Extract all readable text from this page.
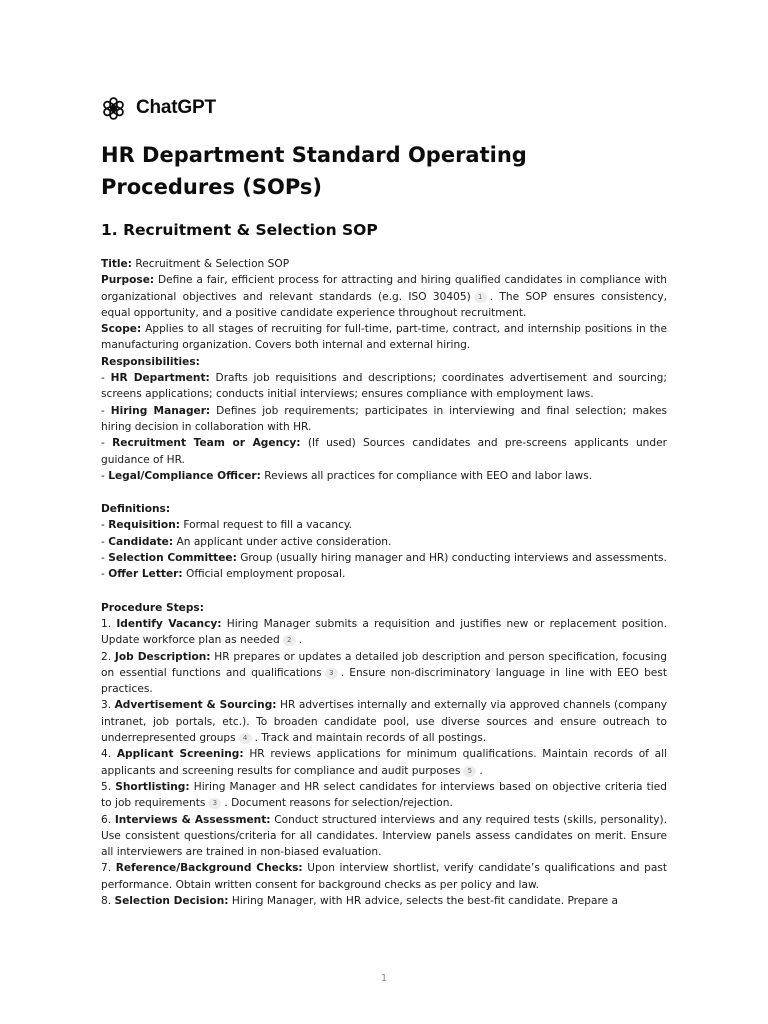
ChatGPT
HR Department Standard Operating Procedures (SOPs)
1. Recruitment & Selection SOP

Title: Recruitment & Selection SOP

Purpose: Define a fair, efficient process for attracting and hiring qualified candidates in compliance with organizational objectives and relevant standards (e.g. ISO 30405) 1 . The SOP ensures consistency, equal opportunity, and a positive candidate experience throughout recruitment.

Scope: Applies to all stages of recruiting for full-time, part-time, contract, and internship positions in the manufacturing organization. Covers both internal and external hiring.

Responsibilities:

- HR Department: Drafts job requisitions and descriptions; coordinates advertisement and sourcing; screens applications; conducts initial interviews; ensures compliance with employment laws.

- Hiring Manager: Defines job requirements; participates in interviewing and final selection; makes hiring decision in collaboration with HR.

- Recruitment Team or Agency: (If used) Sources candidates and pre-screens applicants under guidance of HR.

- Legal/Compliance Officer: Reviews all practices for compliance with EEO and labor laws.

Definitions:

- Requisition: Formal request to fill a vacancy.

- Candidate: An applicant under active consideration.

- Selection Committee: Group (usually hiring manager and HR) conducting interviews and assessments.

- Offer Letter: Official employment proposal.

Procedure Steps:

1. Identify Vacancy: Hiring Manager submits a requisition and justifies new or replacement position. Update workforce plan as needed 2 .

2. Job Description: HR prepares or updates a detailed job description and person specification, focusing on essential functions and qualifications 3 . Ensure non-discriminatory language in line with EEO best practices.

3. Advertisement & Sourcing: HR advertises internally and externally via approved channels (company intranet, job portals, etc.). To broaden candidate pool, use diverse sources and ensure outreach to underrepresented groups 4 . Track and maintain records of all postings.

4. Applicant Screening: HR reviews applications for minimum qualifications. Maintain records of all applicants and screening results for compliance and audit purposes 5 .

5. Shortlisting: Hiring Manager and HR select candidates for interviews based on objective criteria tied to job requirements 3 . Document reasons for selection/rejection.

6. Interviews & Assessment: Conduct structured interviews and any required tests (skills, personality). Use consistent questions/criteria for all candidates. Interview panels assess candidates on merit. Ensure all interviewers are trained in non-biased evaluation.

7. Reference/Background Checks: Upon interview shortlist, verify candidate’s qualifications and past performance. Obtain written consent for background checks as per policy and law.

8. Selection Decision: Hiring Manager, with HR advice, selects the best-fit candidate. Prepare a

1
